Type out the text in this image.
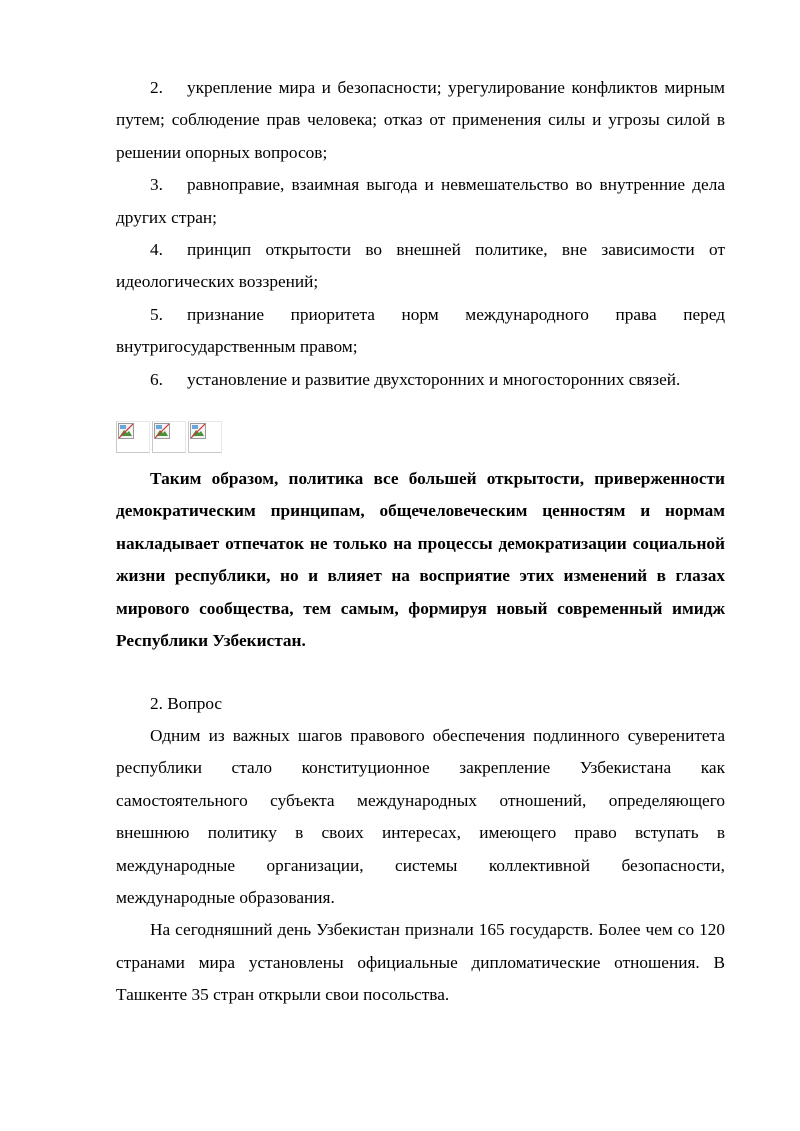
2. укрепление мира и безопасности; урегулирование конфликтов мирным путем; соблюдение прав человека; отказ от применения силы и угрозы силой в решении опорных вопросов;

3. равноправие, взаимная выгода и невмешательство во внутренние дела других стран;

4. принцип открытости во внешней политике, вне зависимости от идеологических воззрений;

5. признание приоритета норм международного права перед внутригосударственным правом;

6. установление и развитие двухсторонних и многосторонних связей.

Таким образом, политика все большей открытости, приверженности демократическим принципам, общечеловеческим ценностям и нормам накладывает отпечаток не только на процессы демократизации социальной жизни республики, но и влияет на восприятие этих изменений в глазах мирового сообщества, тем самым, формируя новый современный имидж Республики Узбекистан.

2. Вопрос

Одним из важных шагов правового обеспечения подлинного суверенитета республики стало конституционное закрепление Узбекистана как самостоятельного субъекта международных отношений, определяющего внешнюю политику в своих интересах, имеющего право вступать в международные организации, системы коллективной безопасности, международные образования.

На сегодняшний день Узбекистан признали 165 государств. Более чем со 120 странами мира установлены официальные дипломатические отношения. В Ташкенте 35 стран открыли свои посольства.
